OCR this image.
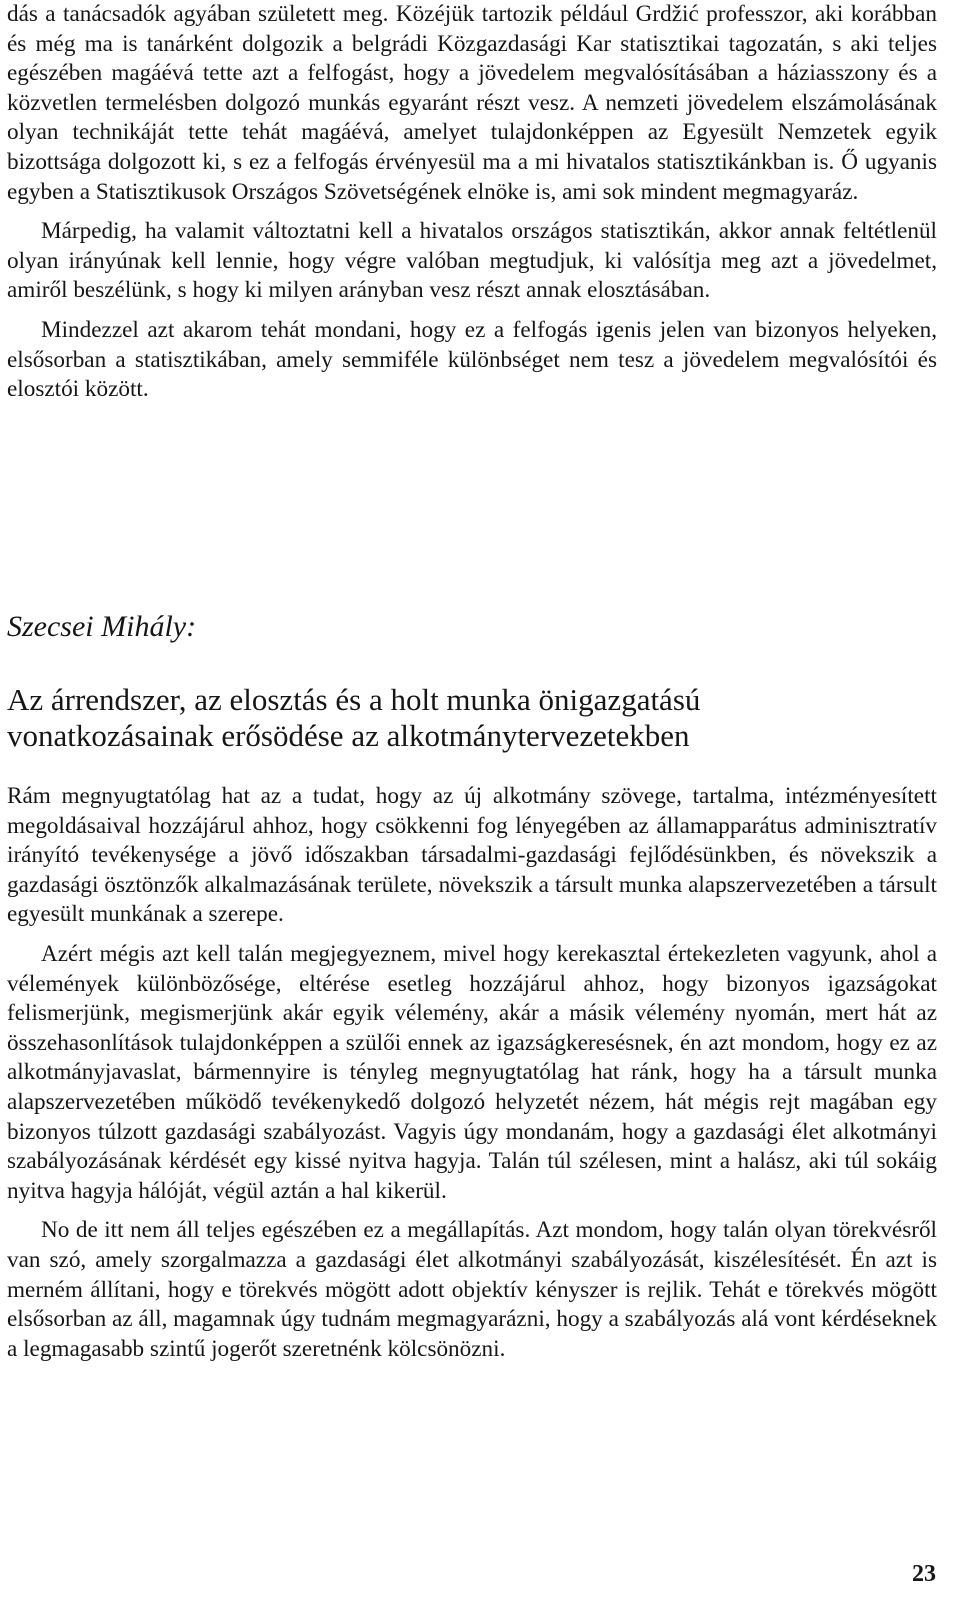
dás a tanácsadók agyában született meg. Közéjük tartozik például Grdžić professzor, aki korábban és még ma is tanárként dolgozik a belgrádi Közgazdasági Kar statisztikai tagozatán, s aki teljes egészében magáévá tette azt a felfogást, hogy a jövedelem megvalósításában a háziasszony és a közvetlen termelésben dolgozó munkás egyaránt részt vesz. A nemzeti jövedelem elszámolásának olyan technikáját tette tehát magáévá, amelyet tulajdonképpen az Egyesült Nemzetek egyik bizottsága dolgozott ki, s ez a felfogás érvényesül ma a mi hivatalos statisztikánkban is. Ő ugyanis egyben a Statisztikusok Országos Szövetségének elnöke is, ami sok mindent megmagyaráz.

Márpedig, ha valamit változtatni kell a hivatalos országos statisztikán, akkor annak feltétlenül olyan irányúnak kell lennie, hogy végre valóban megtudjuk, ki valósítja meg azt a jövedelmet, amiről beszélünk, s hogy ki milyen arányban vesz részt annak elosztásában.

Mindezzel azt akarom tehát mondani, hogy ez a felfogás igenis jelen van bizonyos helyeken, elsősorban a statisztikában, amely semmiféle különbséget nem tesz a jövedelem megvalósítói és elosztói között.

Szecsei Mihály:
Az árrendszer, az elosztás és a holt munka önigazgatású vonatkozásainak erősödése az alkotmánytervezetekben

Rám megnyugtatólag hat az a tudat, hogy az új alkotmány szövege, tartalma, intézményesített megoldásaival hozzájárul ahhoz, hogy csökkenni fog lényegében az államapparátus adminisztratív irányító tevékenysége a jövő időszakban társadalmi-gazdasági fejlődésünkben, és növekszik a gazdasági ösztönzők alkalmazásának területe, növekszik a társult munka alapszervezetében a társult egyesült munkának a szerepe.

Azért mégis azt kell talán megjegyeznem, mivel hogy kerekasztal értekezleten vagyunk, ahol a vélemények különbözősége, eltérése esetleg hozzájárul ahhoz, hogy bizonyos igazságokat felismerjünk, megismerjünk akár egyik vélemény, akár a másik vélemény nyomán, mert hát az összehasonlítások tulajdonképpen a szülői ennek az igazságkeresésnek, én azt mondom, hogy ez az alkotmányjavaslat, bármennyire is tényleg megnyugtatólag hat ránk, hogy ha a társult munka alapszervezetében működő tevékenykedő dolgozó helyzetét nézem, hát mégis rejt magában egy bizonyos túlzott gazdasági szabályozást. Vagyis úgy mondanám, hogy a gazdasági élet alkotmányi szabályozásának kérdését egy kissé nyitva hagyja. Talán túl szélesen, mint a halász, aki túl sokáig nyitva hagyja hálóját, végül aztán a hal kikerül.

No de itt nem áll teljes egészében ez a megállapítás. Azt mondom, hogy talán olyan törekvésről van szó, amely szorgalmazza a gazdasági élet alkotmányi szabályozását, kiszélesítését. Én azt is merném állítani, hogy e törekvés mögött adott objektív kényszer is rejlik. Tehát e törekvés mögött elsősorban az áll, magamnak úgy tudnám megmagyarázni, hogy a szabályozás alá vont kérdéseknek a legmagasabb szintű jogerőt szeretnénk kölcsönözni.

23
